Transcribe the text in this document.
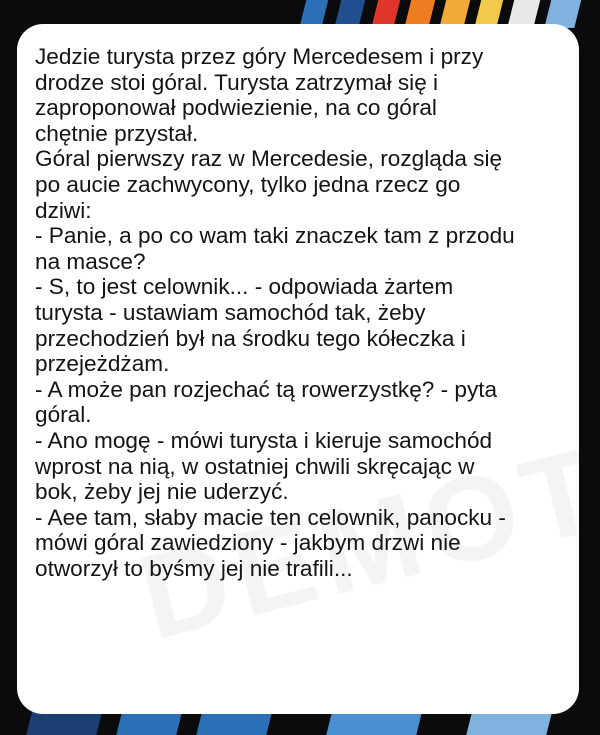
Jedzie turysta przez góry Mercedesem i przy
drodze stoi góral. Turysta zatrzymał się i
zaproponował podwiezienie, na co góral
chętnie przystał.
Góral pierwszy raz w Mercedesie, rozgląda się
po aucie zachwycony, tylko jedna rzecz go
dziwi:
- Panie, a po co wam taki znaczek tam z przodu
na masce?
- S, to jest celownik... - odpowiada żartem
turysta - ustawiam samochód tak, żeby
przechodzień był na środku tego kółeczka i
przejeżdżam.
- A może pan rozjechać tą rowerzystkę? - pyta
góral.
- Ano mogę - mówi turysta i kieruje samochód
wprost na nią, w ostatniej chwili skręcając w
bok, żeby jej nie uderzyć.
- Aee tam, słaby macie ten celownik, panocku -
mówi góral zawiedziony - jakbym drzwi nie
otworzył to byśmy jej nie trafili...
